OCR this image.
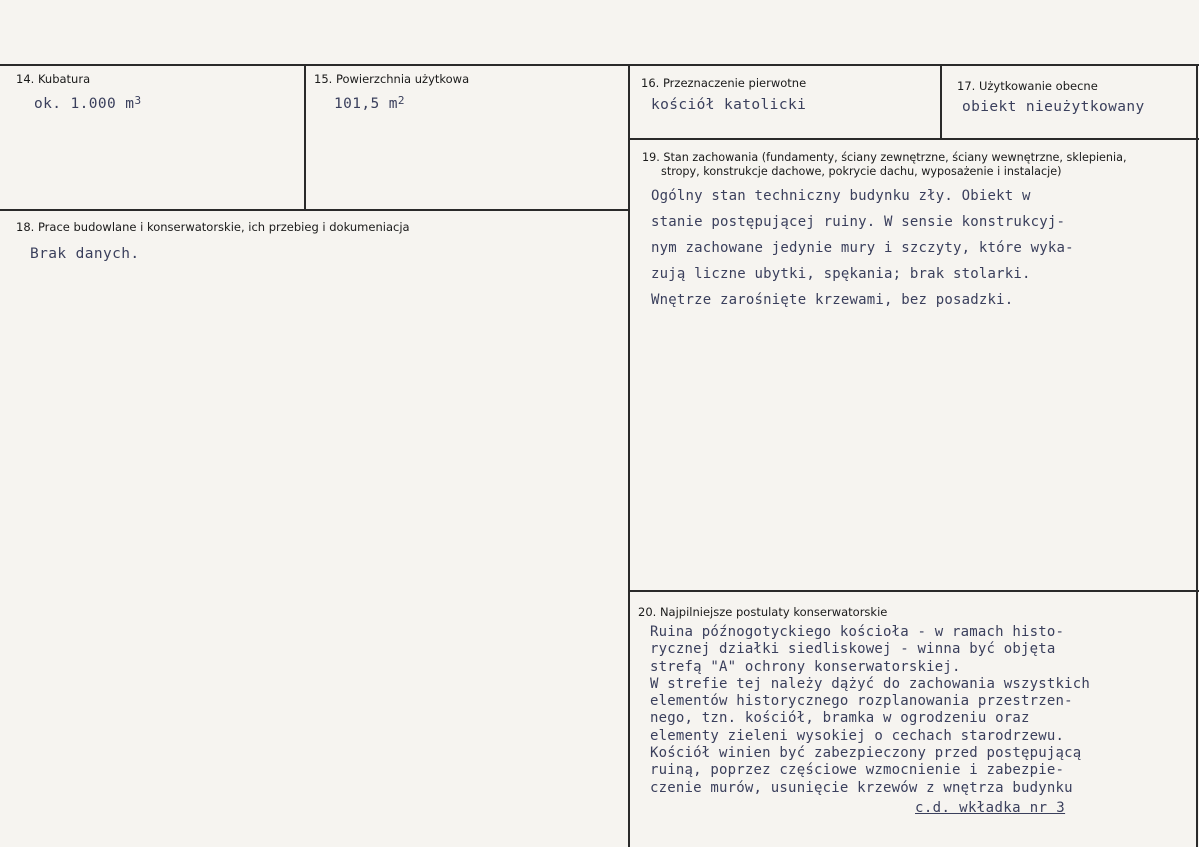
14. Kubatura
ok. 1.000 $m^3$
15. Powierzchnia użytkowa
101,5 $m^2$
16. Przeznaczenie pierwotne
kościół katolicki
17. Użytkowanie obecne
obiekt nieużytkowany
18. Prace budowlane i konserwatorskie, ich przebieg i dokumeniacja
Brak danych.
19. Stan zachowania (fundamenty, ściany zewnętrzne, ściany wewnętrzne, sklepienia,
stropy, konstrukcje dachowe, pokrycie dachu, wyposażenie i instalacje)
Ogólny stan techniczny budynku zły. Obiekt w
stanie postępującej ruiny. W sensie konstrukcyj-
nym zachowane jedynie mury i szczyty, które wyka-
zują liczne ubytki, spękania; brak stolarki.
Wnętrze zarośnięte krzewami, bez posadzki.
20. Najpilniejsze postulaty konserwatorskie
Ruina późnogotyckiego kościoła - w ramach histo-
rycznej działki siedliskowej - winna być objęta
strefą "A" ochrony konserwatorskiej.
W strefie tej należy dążyć do zachowania wszystkich
elementów historycznego rozplanowania przestrzen-
nego, tzn. kościół, bramka w ogrodzeniu oraz
elementy zieleni wysokiej o cechach starodrzewu.
Kościół winien być zabezpieczony przed postępującą
ruiną, poprzez częściowe wzmocnienie i zabezpie-
czenie murów, usunięcie krzewów z wnętrza budynku
c.d. wkładka nr 3
